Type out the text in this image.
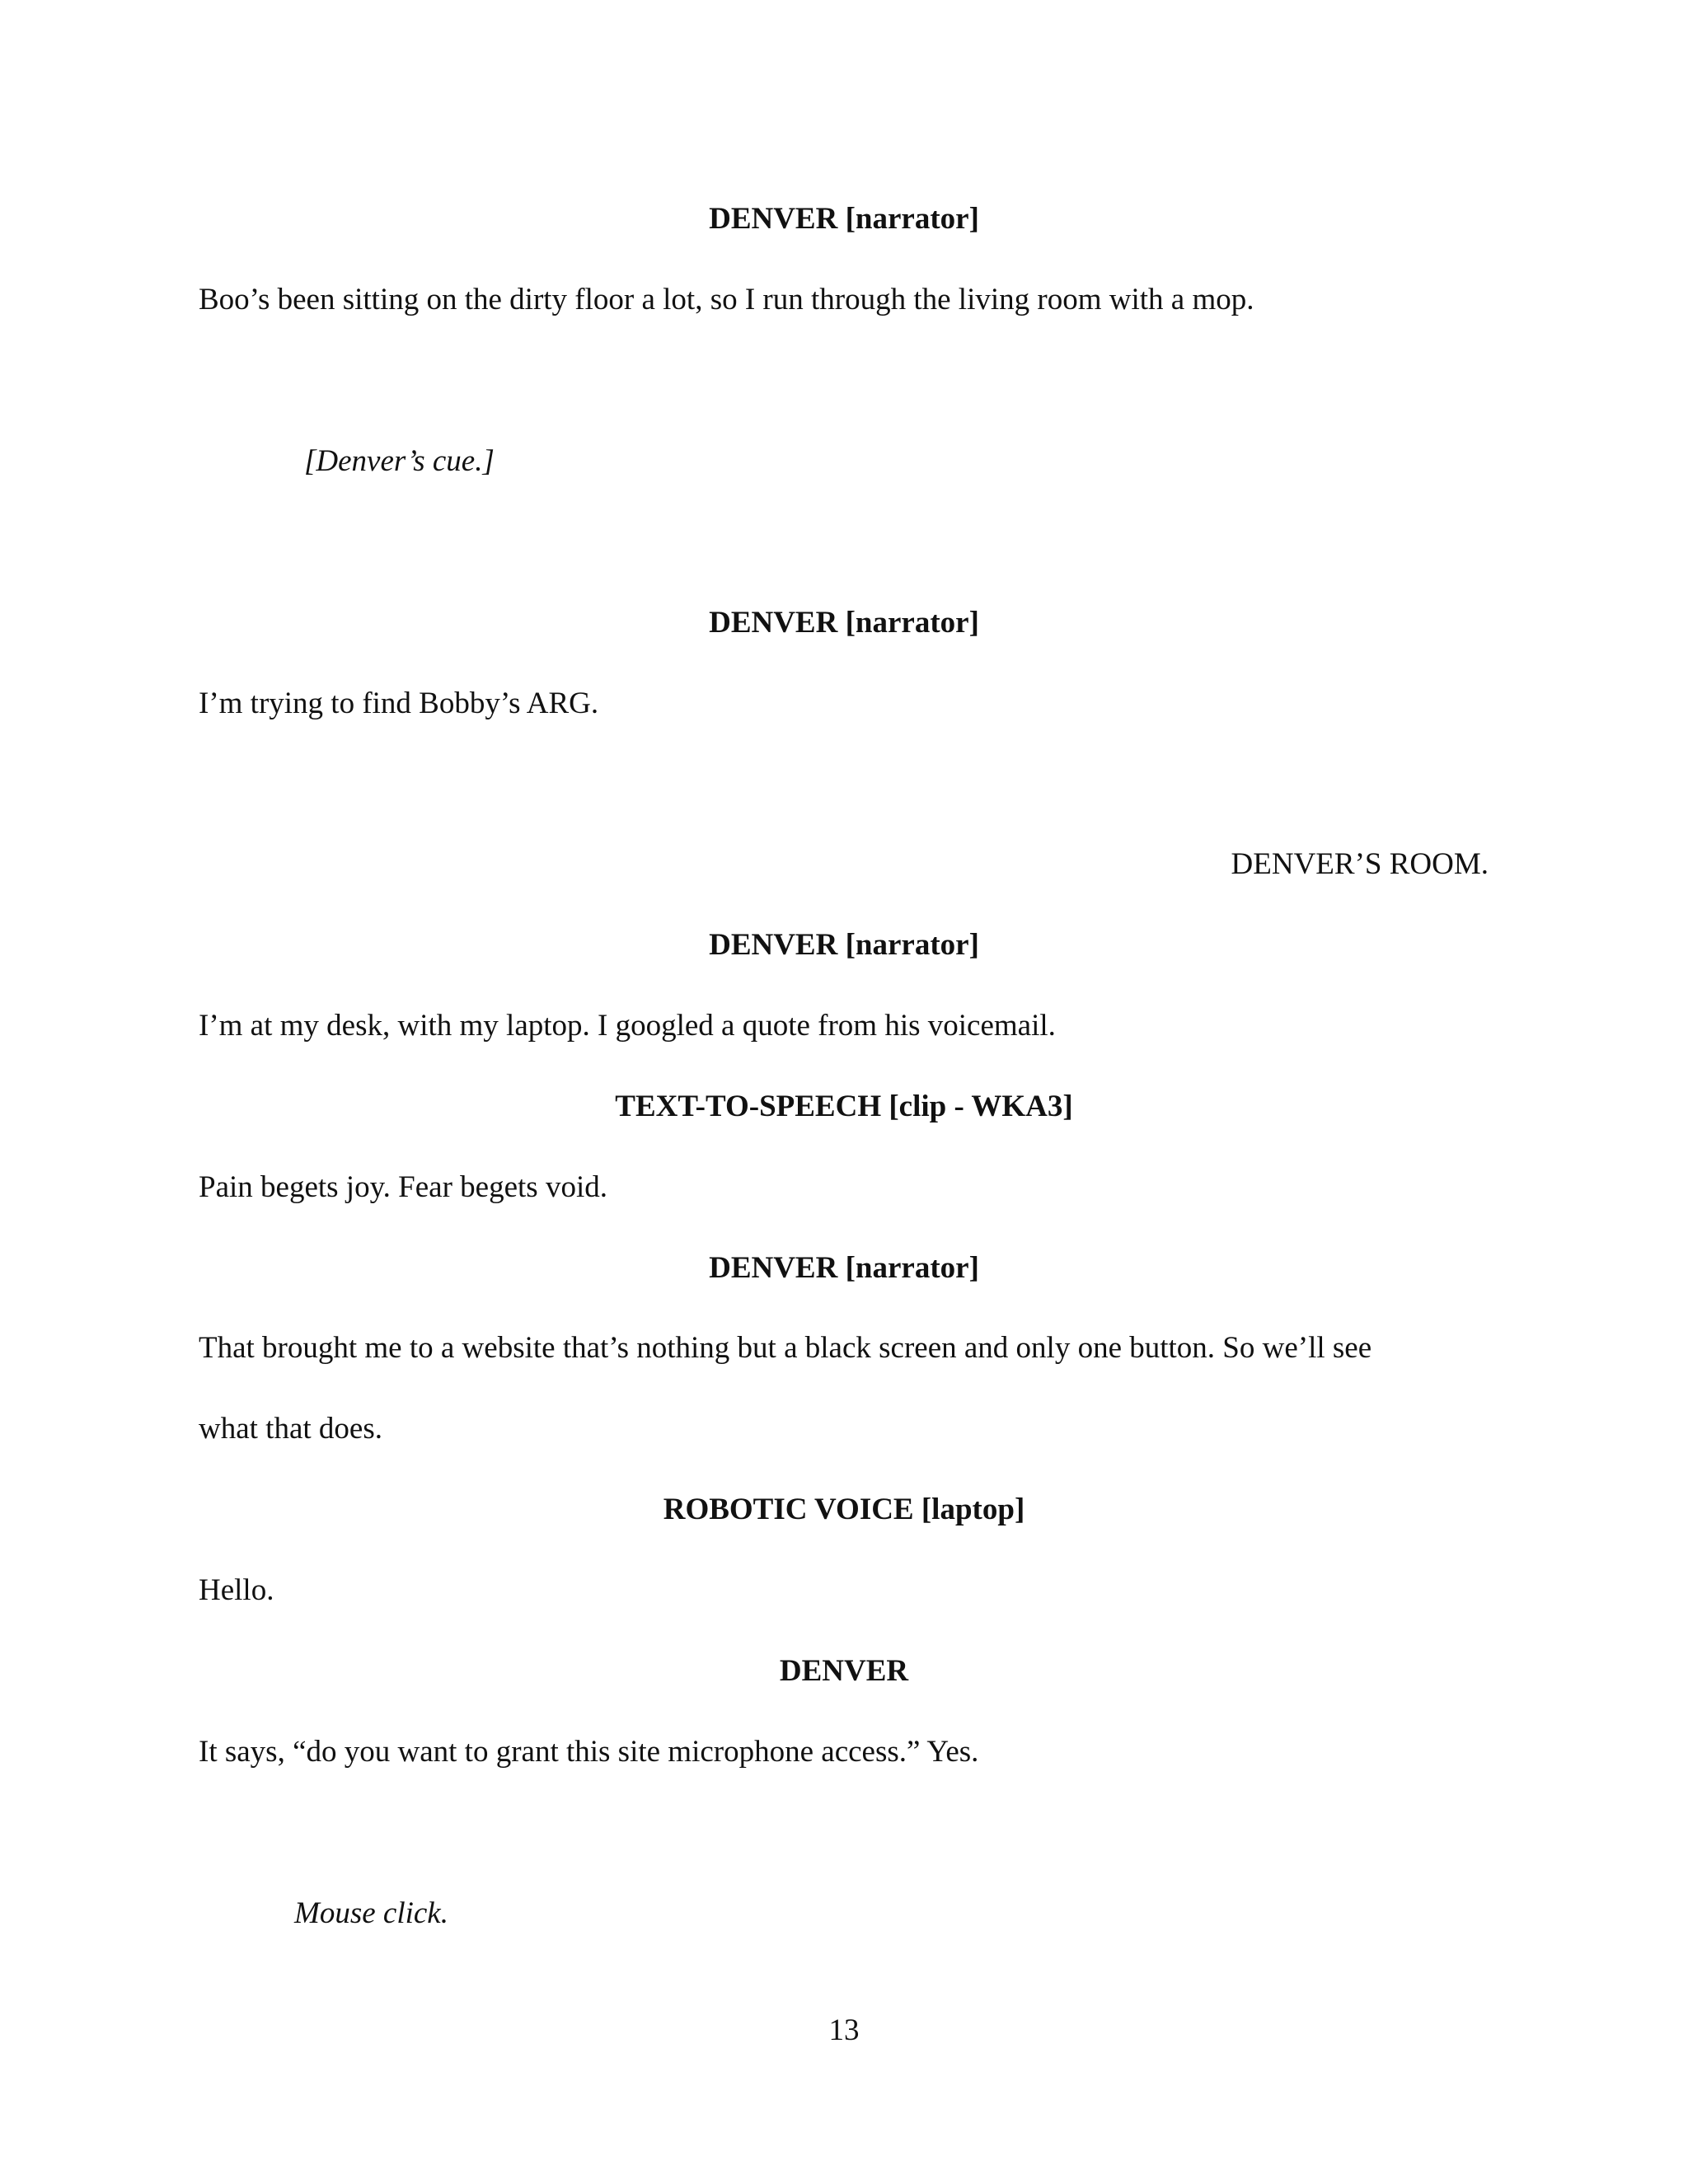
DENVER [narrator]
Boo’s been sitting on the dirty floor a lot, so I run through the living room with a mop.
[Denver’s cue.]
DENVER [narrator]
I’m trying to find Bobby’s ARG.
DENVER’S ROOM.
DENVER [narrator]
I’m at my desk, with my laptop. I googled a quote from his voicemail.
TEXT-TO-SPEECH [clip - WKA3]
Pain begets joy. Fear begets void.
DENVER [narrator]
That brought me to a website that’s nothing but a black screen and only one button. So we’ll see
what that does.
ROBOTIC VOICE [laptop]
Hello.
DENVER
It says, “do you want to grant this site microphone access.” Yes.
Mouse click.
13
